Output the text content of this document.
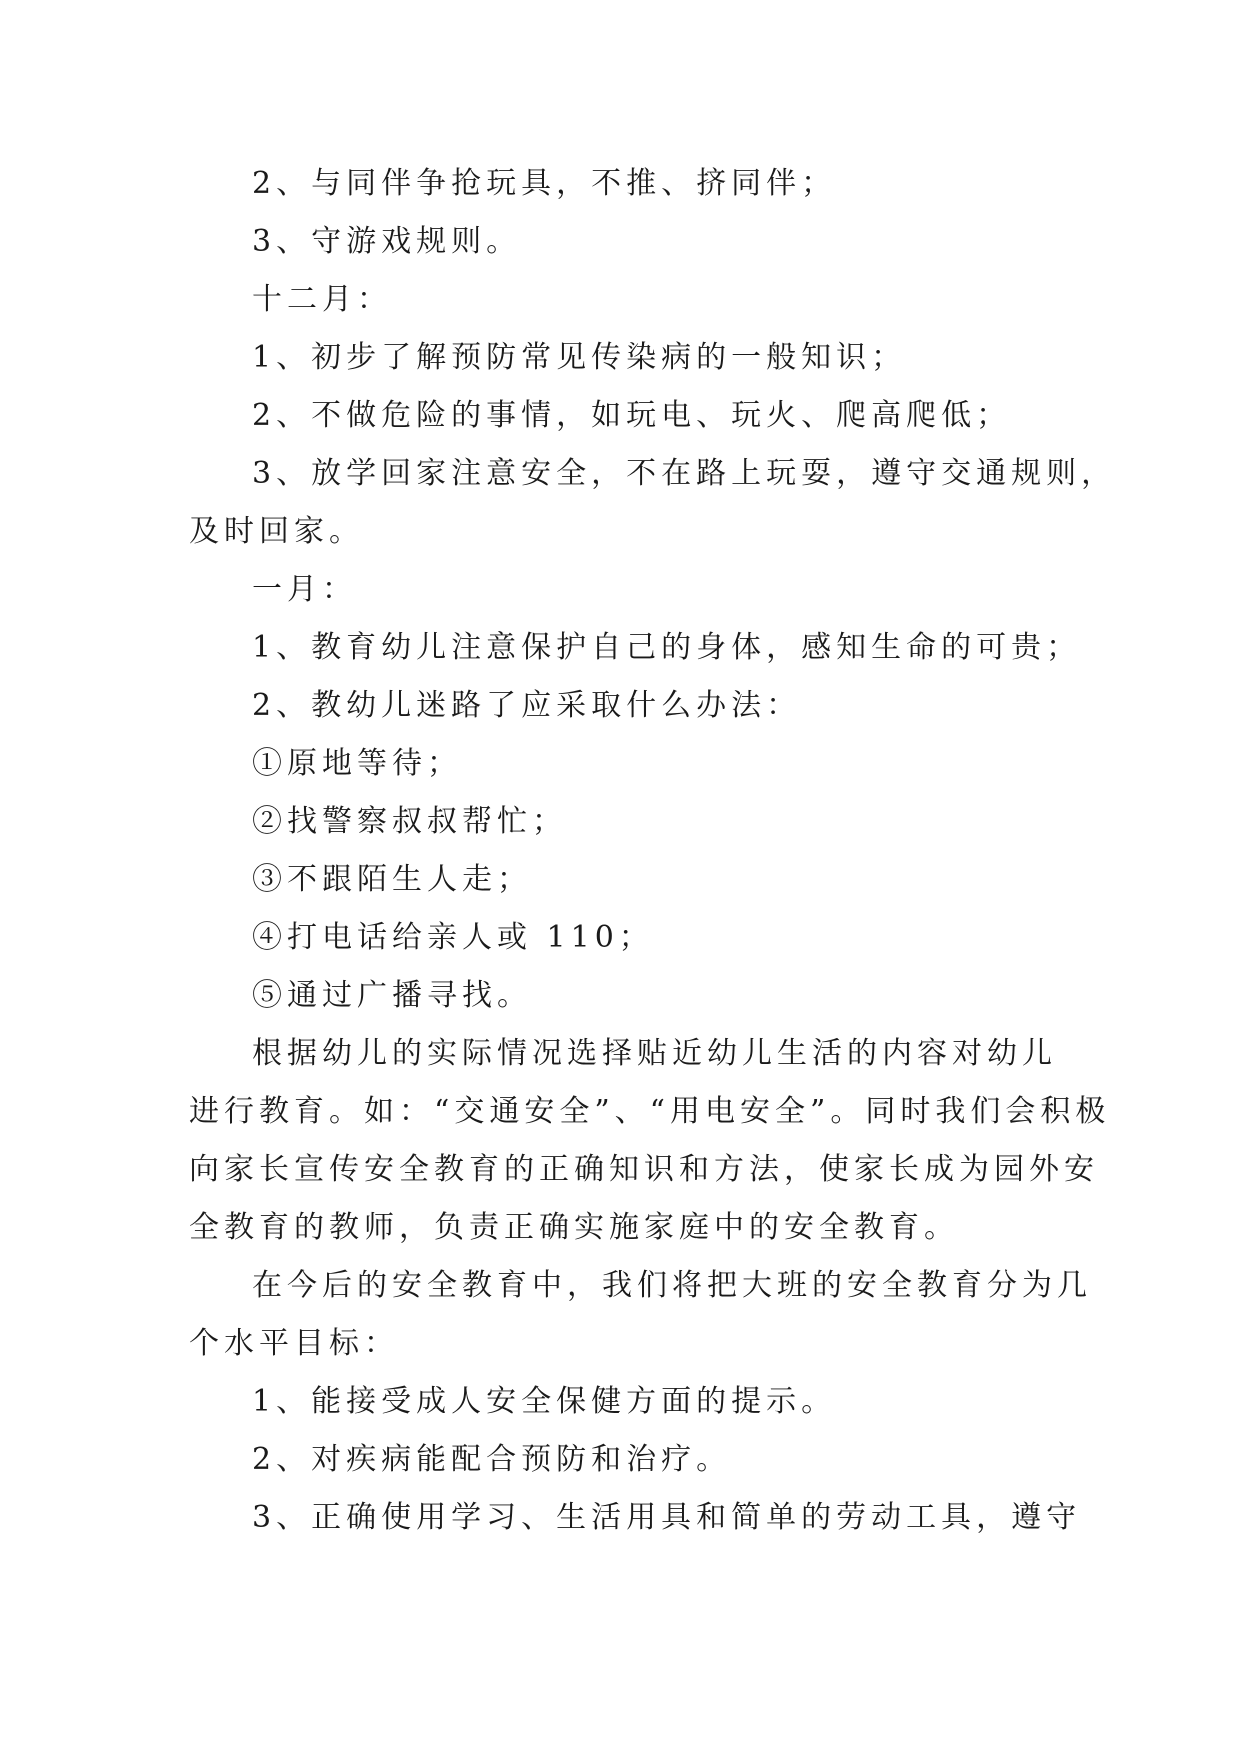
2、与同伴争抢玩具，不推、挤同伴；

3、守游戏规则。

十二月：

1、初步了解预防常见传染病的一般知识；

2、不做危险的事情，如玩电、玩火、爬高爬低；

3、放学回家注意安全，不在路上玩耍，遵守交通规则，

及时回家。

一月：

1、教育幼儿注意保护自己的身体，感知生命的可贵；

2、教幼儿迷路了应采取什么办法：

①原地等待；

②找警察叔叔帮忙；

③不跟陌生人走；

④打电话给亲人或 110；

⑤通过广播寻找。

根据幼儿的实际情况选择贴近幼儿生活的内容对幼儿

进行教育。如：“交通安全”、“用电安全”。同时我们会积极

向家长宣传安全教育的正确知识和方法，使家长成为园外安

全教育的教师，负责正确实施家庭中的安全教育。

在今后的安全教育中，我们将把大班的安全教育分为几

个水平目标：

1、能接受成人安全保健方面的提示。

2、对疾病能配合预防和治疗。

3、正确使用学习、生活用具和简单的劳动工具，遵守
